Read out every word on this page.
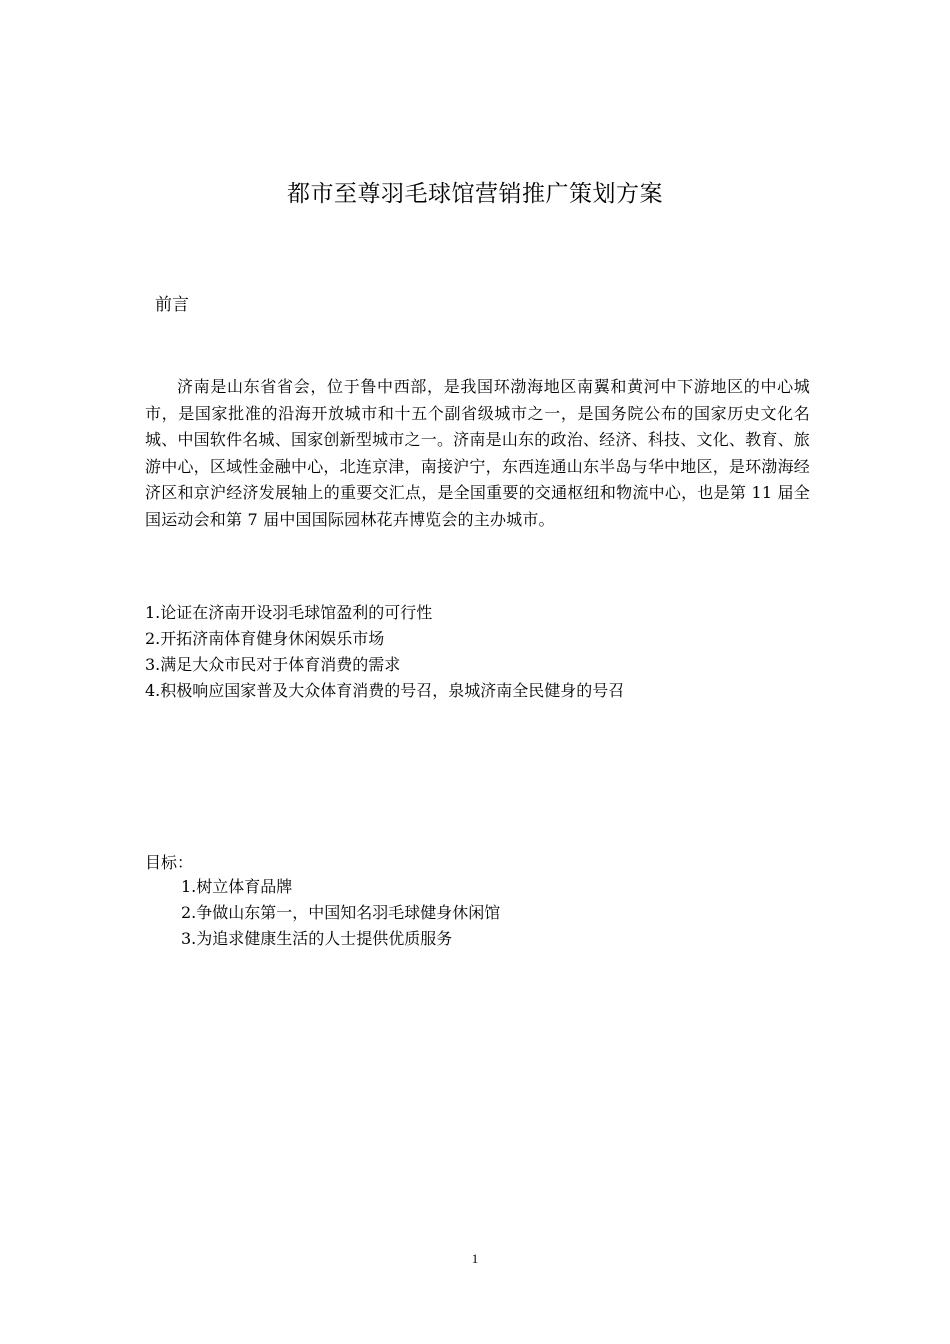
都市至尊羽毛球馆营销推广策划方案
前言

济南是山东省省会，位于鲁中西部，是我国环渤海地区南翼和黄河中下游地区的中心城市，是国家批准的沿海开放城市和十五个副省级城市之一，是国务院公布的国家历史文化名城、中国软件名城、国家创新型城市之一。济南是山东的政治、经济、科技、文化、教育、旅游中心，区域性金融中心，北连京津，南接沪宁，东西连通山东半岛与华中地区，是环渤海经济区和京沪经济发展轴上的重要交汇点，是全国重要的交通枢纽和物流中心，也是第 11 届全国运动会和第 7 届中国国际园林花卉博览会的主办城市。

1.论证在济南开设羽毛球馆盈利的可行性
2.开拓济南体育健身休闲娱乐市场
3.满足大众市民对于体育消费的需求
4.积极响应国家普及大众体育消费的号召，泉城济南全民健身的号召
目标：
1.树立体育品牌
2.争做山东第一，中国知名羽毛球健身休闲馆
3.为追求健康生活的人士提供优质服务
1
